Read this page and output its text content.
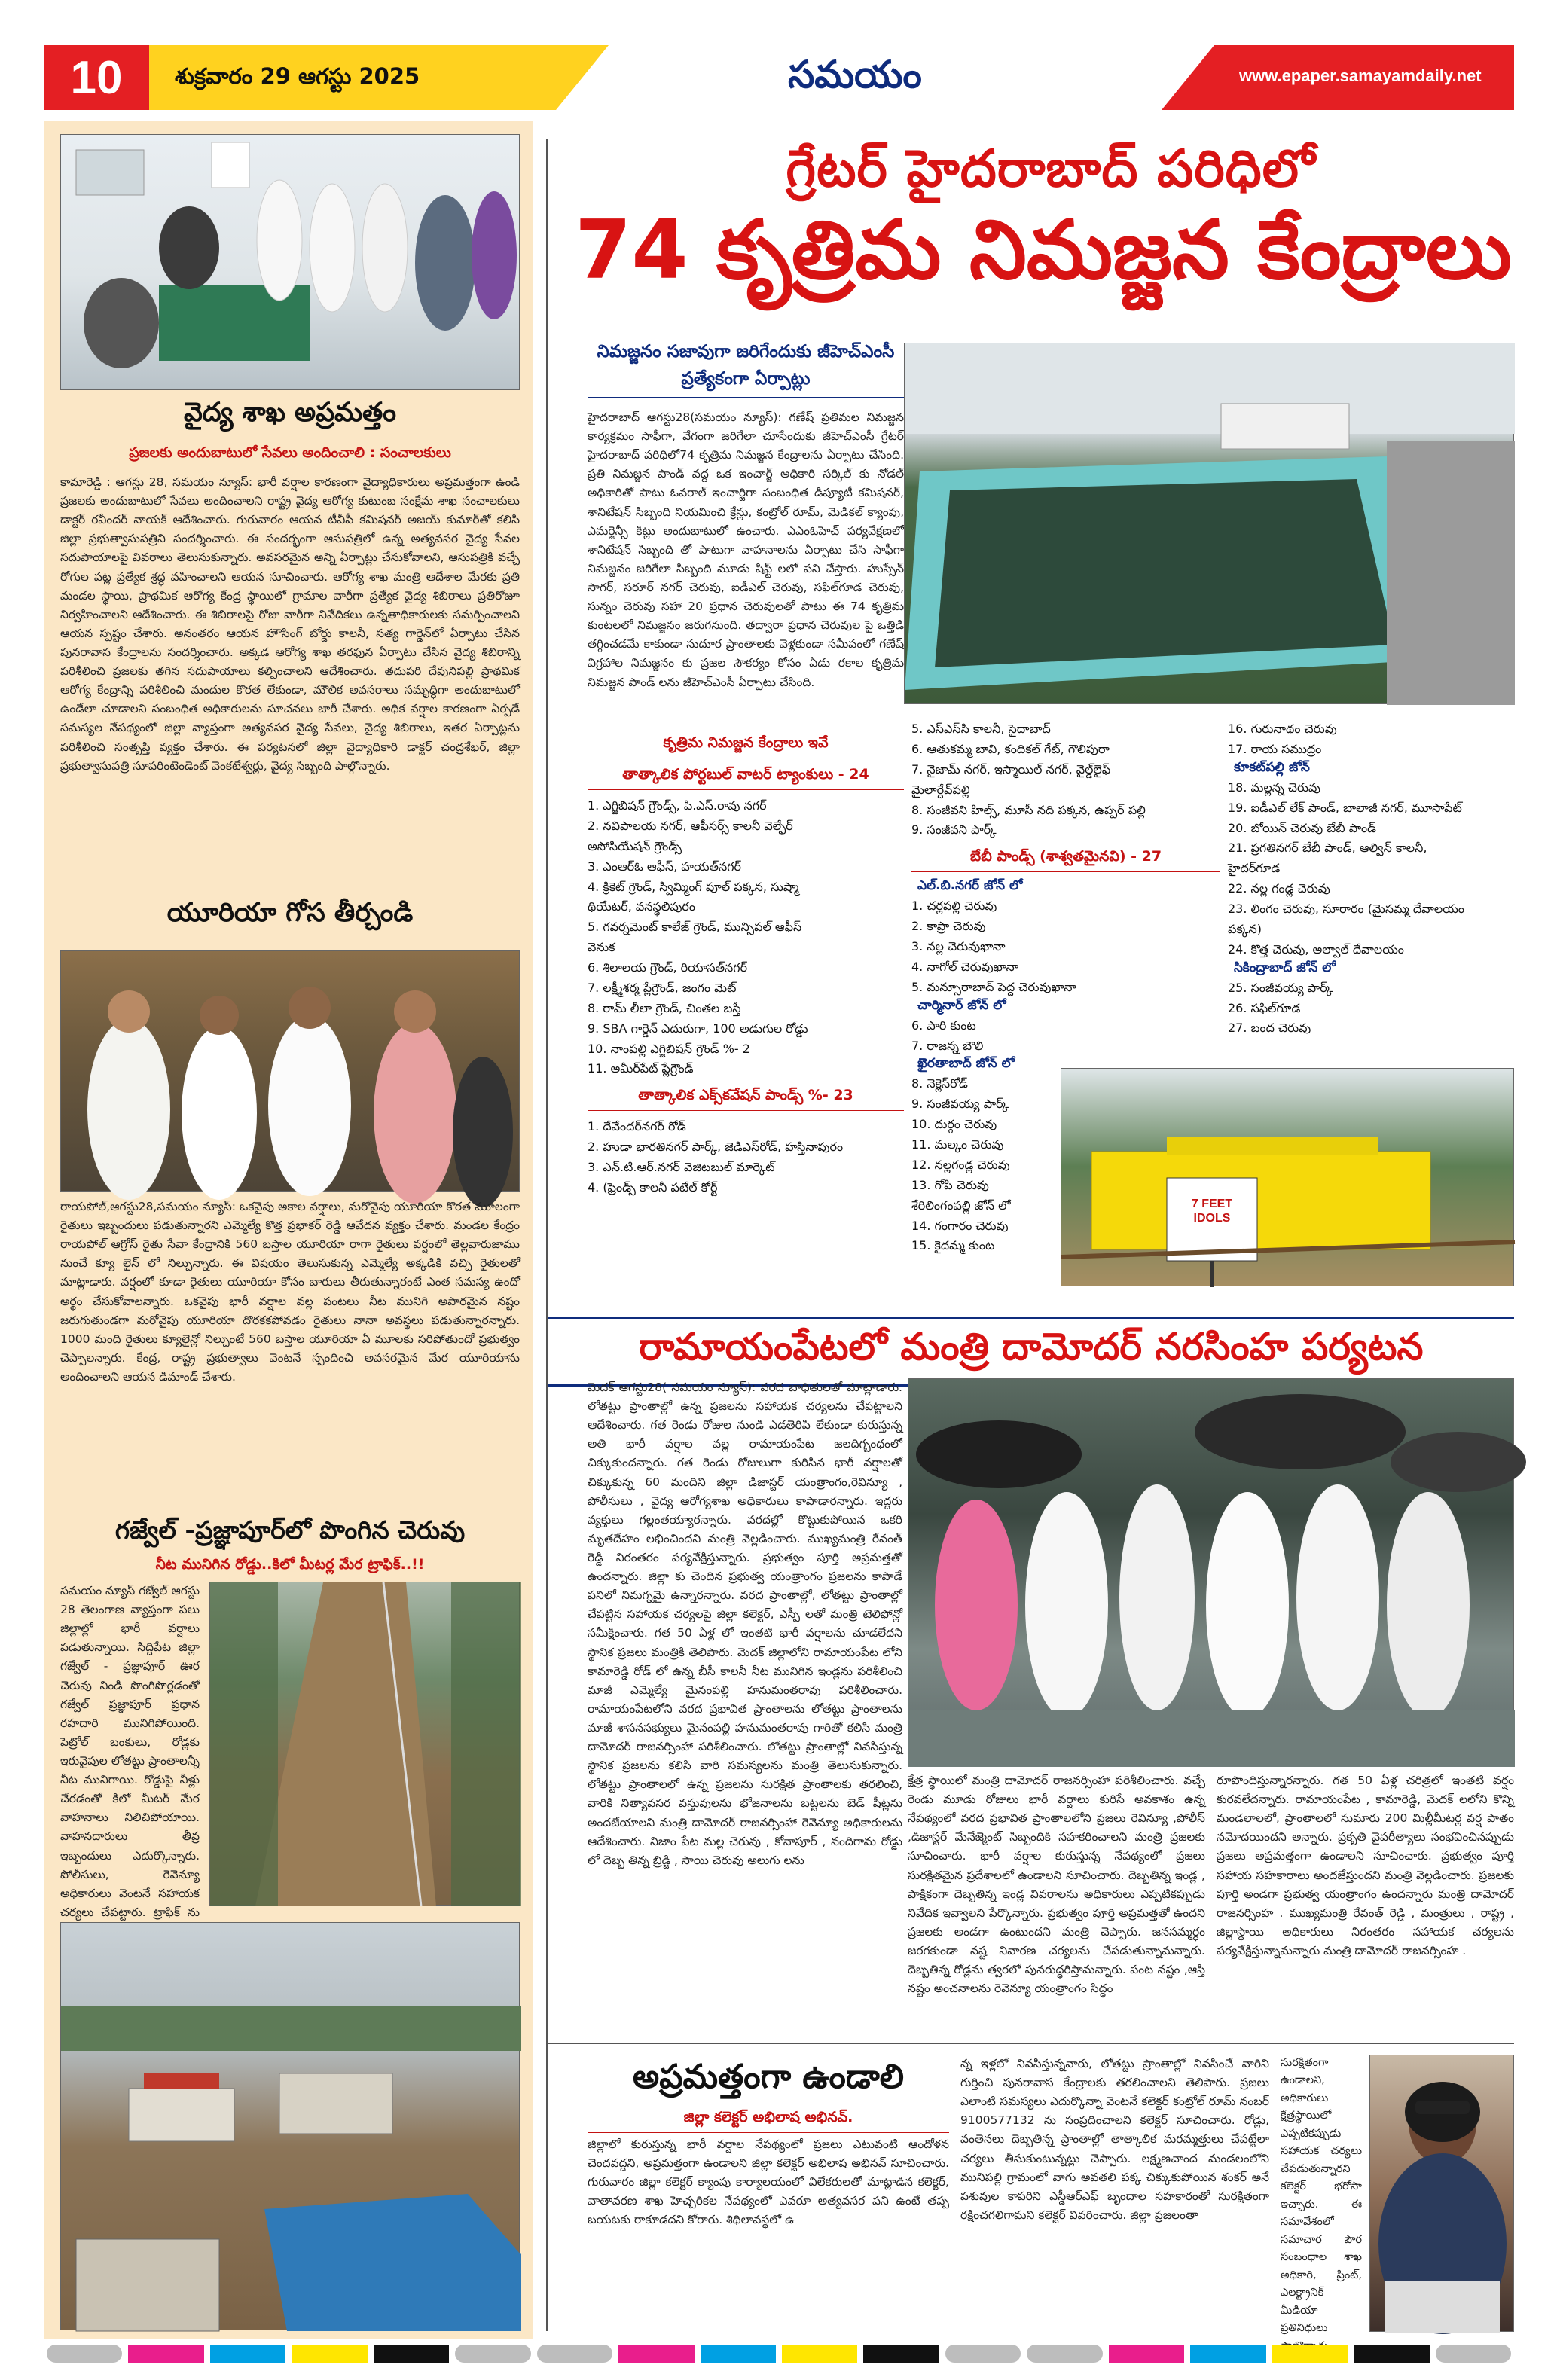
10	శుక్రవారం 29 ఆగస్టు 2025	సమయం	www.epaper.samayamdaily.net
వైద్య శాఖ అప్రమత్తం
ప్రజలకు అందుబాటులో సేవలు అందించాలి : సంచాలకులు
కామారెడ్డి : ఆగస్టు 28, సమయం న్యూస్: భారీ వర్షాల కారణంగా వైద్యాధికారులు అప్రమత్తంగా ఉండి ప్రజలకు అందుబాటులో సేవలు అందించాలని రాష్ట్ర వైద్య ఆరోగ్య కుటుంబ సంక్షేమ శాఖ సంచాలకులు డాక్టర్ రవీందర్ నాయక్ ఆదేశించారు. గురువారం ఆయన టీవీపీ కమిషనర్ అజయ్ కుమార్‌తో కలిసి జిల్లా ప్రభుత్వాసుపత్రిని సందర్శించారు. ఈ సందర్భంగా ఆసుపత్రిలో ఉన్న అత్యవసర వైద్య సేవల సదుపాయాలపై వివరాలు తెలుసుకున్నారు. అవసరమైన అన్ని ఏర్పాట్లు చేసుకోవాలని, ఆసుపత్రికి వచ్చే రోగుల పట్ల ప్రత్యేక శ్రద్ధ వహించాలని ఆయన సూచించారు. ఆరోగ్య శాఖ మంత్రి ఆదేశాల మేరకు ప్రతి మండల స్థాయి, ప్రాథమిక ఆరోగ్య కేంద్ర స్థాయిలో గ్రామాల వారీగా ప్రత్యేక వైద్య శిబిరాలు ప్రతిరోజూ నిర్వహించాలని ఆదేశించారు. ఈ శిబిరాలపై రోజు వారీగా నివేదికలు ఉన్నతాధికారులకు సమర్పించాలని ఆయన స్పష్టం చేశారు. అనంతరం ఆయన హౌసింగ్ బోర్డు కాలనీ, సత్య గార్డెన్‌లో ఏర్పాటు చేసిన పునరావాస కేంద్రాలను సందర్శించారు. అక్కడ ఆరోగ్య శాఖ తరఫున ఏర్పాటు చేసిన వైద్య శిబిరాన్ని పరిశీలించి ప్రజలకు తగిన సదుపాయాలు కల్పించాలని ఆదేశించారు. తదుపరి దేవునిపల్లి ప్రాథమిక ఆరోగ్య కేంద్రాన్ని పరిశీలించి మందుల కొరత లేకుండా, మౌలిక అవసరాలు సమృద్ధిగా అందుబాటులో ఉండేలా చూడాలని సంబంధిత అధికారులను సూచనలు జారీ చేశారు. అధిక వర్షాల కారణంగా ఏర్పడే సమస్యల నేపథ్యంలో జిల్లా వ్యాప్తంగా అత్యవసర వైద్య సేవలు, వైద్య శిబిరాలు, ఇతర ఏర్పాట్లను పరిశీలించి సంతృప్తి వ్యక్తం చేశారు. ఈ పర్యటనలో జిల్లా వైద్యాధికారి డాక్టర్ చంద్రశేఖర్, జిల్లా ప్రభుత్వాసుపత్రి సూపరింటెండెంట్ వెంకటేశ్వర్లు, వైద్య సిబ్బంది పాల్గొన్నారు.
యూరియా గోస తీర్చండి
రాయపోల్,ఆగస్టు28,సమయం న్యూస్: ఒకవైపు అకాల వర్షాలు, మరోవైపు యూరియా కొరత మూలంగా రైతులు ఇబ్బందులు పడుతున్నారని ఎమ్మెల్యే కొత్త ప్రభాకర్ రెడ్డి ఆవేదన వ్యక్తం చేశారు. మండల కేంద్రం రాయపోల్ ఆగ్రోస్ రైతు సేవా కేంద్రానికి 560 బస్తాల యూరియా రాగా రైతులు వర్షంలో తెల్లవారుజాము నుంచే క్యూ లైన్ లో నిల్చున్నారు. ఈ విషయం తెలుసుకున్న ఎమ్మెల్యే అక్కడికి వచ్చి రైతులతో మాట్లాడారు. వర్షంలో కూడా రైతులు యూరియా కోసం బారులు తీరుతున్నారంటే ఎంత సమస్య ఉందో అర్థం చేసుకోవాలన్నారు. ఒకవైపు భారీ వర్షాల వల్ల పంటలు నీట మునిగి అపారమైన నష్టం జరుగుతుండగా మరోవైపు యూరియా దొరకకపోవడం రైతులు నానా అవస్థలు పడుతున్నారన్నారు. 1000 మంది రైతులు క్యూలైన్లో నిల్చుంటే 560 బస్తాల యూరియా ఏ మూలకు సరిపోతుందో ప్రభుత్వం చెప్పాలన్నారు. కేంద్ర, రాష్ట్ర ప్రభుత్వాలు వెంటనే స్పందించి అవసరమైన మేర యూరియాను అందించాలని ఆయన డిమాండ్ చేశారు.
గజ్వేల్ -ప్రజ్ఞాపూర్‌లో పొంగిన చెరువు
నీట మునిగిన రోడ్డు..కిలో మీటర్ల మేర ట్రాఫిక్..!!
సమయం న్యూస్ గజ్వేల్ ఆగస్టు 28 తెలంగాణ వ్యాప్తంగా పలు జిల్లాల్లో భారీ వర్షాలు పడుతున్నాయి. సిద్దిపేట జిల్లా గజ్వేల్ - ప్రజ్ఞాపూర్ ఊర చెరువు నిండి పొంగిపొర్లడంతో గజ్వేల్ ప్రజ్ఞాపూర్ ప్రధాన రహదారి మునిగిపోయింది. పెట్రోల్ బంకులు, రోడ్లకు ఇరువైపుల లోతట్టు ప్రాంతాలన్నీ నీట మునిగాయి. రోడ్డుపై నీళ్లు చేరడంతో కిలో మీటర్ మేర వాహనాలు నిలిచిపోయాయి. వాహనదారులు తీవ్ర ఇబ్బందులు ఎదుర్కొన్నారు. పోలీసులు, రెవెన్యూ అధికారులు వెంటనే సహాయక చర్యలు చేపట్టారు. ట్రాఫిక్ ను
గ్రేటర్ హైదరాబాద్ పరిధిలో
74 కృత్రిమ నిమజ్జన కేంద్రాలు
నిమజ్జనం సజావుగా జరిగేందుకు జీహెచ్‌ఎంసీ ప్రత్యేకంగా ఏర్పాట్లు
హైదరాబాద్ ఆగస్టు28(సమయం న్యూస్): గణేష్ ప్రతిమల నిమజ్జన కార్యక్రమం సాఫీగా, వేగంగా జరిగేలా చూసేందుకు జీహెచ్ఎంసీ గ్రేటర్ హైదరాబాద్ పరిధిలో74 కృత్రిమ నిమజ్జన కేంద్రాలను ఏర్పాటు చేసింది. ప్రతి నిమజ్జన పాండ్ వద్ద ఒక ఇంచార్జ్ అధికారి సర్కిల్ కు నోడల్ అధికారితో పాటు ఓవరాల్ ఇంచార్జిగా సంబంధిత డిప్యూటీ కమిషనర్, శానిటేషన్ సిబ్బంది నియమించి క్రేన్లు, కంట్రోల్ రూమ్, మెడికల్ క్యాంపు, ఎమర్జెన్సీ కిట్లు అందుబాటులో ఉంచారు. ఎఎంఓహెచ్ పర్యవేక్షణలో శానిటేషన్ సిబ్బంది తో పాటుగా వాహనాలను ఏర్పాటు చేసి సాఫీగా నిమజ్జనం జరిగేలా సిబ్బంది మూడు షిఫ్ట్ లలో పని చేస్తారు. హుస్సేన్ సాగర్, సరూర్ నగర్ చెరువు, ఐడీఎల్ చెరువు, సఫిల్‌గూడ చెరువు, సున్నం చెరువు సహా 20 ప్రధాన చెరువులతో పాటు ఈ 74 కృత్రిమ కుంటలలో నిమజ్జనం జరుగనుంది. తద్వారా ప్రధాన చెరువుల పై ఒత్తిడి తగ్గించడమే కాకుండా సుదూర ప్రాంతాలకు వెళ్లకుండా సమీపంలో గణేష్ విగ్రహాల నిమజ్జనం కు ప్రజల సౌకర్యం కోసం ఏడు రకాల కృత్రిమ నిమజ్జన పాండ్ లను జీహెచ్ఎంసీ ఏర్పాటు చేసింది.
కృత్రిమ నిమజ్జన కేంద్రాలు ఇవే
తాత్కాలిక పోర్టబుల్ వాటర్ ట్యాంకులు - 24
1. ఎగ్జిబిషన్ గ్రౌండ్స్, పి.ఎస్.రావు నగర్
2. నవిపాలయ నగర్, ఆఫీసర్స్ కాలనీ వెల్ఫేర్
అసోసియేషన్ గ్రౌండ్స్
3. ఎంఆర్ఓ ఆఫీస్, హయత్‌నగర్
4. క్రికెట్ గ్రౌండ్, స్విమ్మింగ్ పూల్ పక్కన, సుష్మా
థియేటర్, వనస్థలిపురం
5. గవర్నమెంట్ కాలేజ్ గ్రౌండ్, మున్సిపల్ ఆఫీస్
వెనుక
6. శిలాలయ గ్రౌండ్, రియాసత్‌నగర్
7. లక్ష్మీశర్మ ప్లేగ్రౌండ్, జంగం మెట్
8. రామ్ లీలా గ్రౌండ్, చింతల బస్తీ
9. SBA గార్డెన్ ఎదురుగా, 100 అడుగుల రోడ్డు
10. నాంపల్లి ఎగ్జిబిషన్ గ్రౌండ్ %- 2
11. అమీర్‌పేట్ ప్లేగ్రౌండ్
తాత్కాలిక ఎక్స్‌కవేషన్ పాండ్స్ %- 23
1. దేవేందర్‌నగర్ రోడ్
2. హుడా భారతినగర్ పార్క్, జెడిఎస్‌రోడ్, హస్తినాపురం
3. ఎన్.టి.ఆర్.నగర్ వెజిటబుల్ మార్కెట్
4. (ఫ్రెండ్స్ కాలనీ పటేల్ కోర్ట్
5. ఎస్ఎస్‌సి కాలనీ, సైదాబాద్
6. ఆతుకమ్మ బావి, కందికల్ గేట్, గౌలిపురా
7. నైజామ్ నగర్, ఇస్మాయిల్ నగర్, వైల్డ్‌లైఫ్
మైలార్దేవ్‌పల్లి
8. సంజీవని హిల్స్, మూసీ నది పక్కన, ఉప్పర్ పల్లి
9. సంజీవని పార్క్
బేబీ పాండ్స్ (శాశ్వతమైనవి) - 27
ఎల్.బి.నగర్ జోన్ లో
1. చర్లపల్లి చెరువు
2. కాప్రా చెరువు
3. నల్ల చెరువుఖానా
4. నాగోల్ చెరువుఖానా
5. మన్సూరాబాద్ పెద్ద చెరువుఖానా
చార్మినార్ జోన్ లో
6. పారి కుంట
7. రాజన్న బౌలి
ఖైరతాబాద్ జోన్ లో
8. నెక్లెస్‌రోడ్
9. సంజీవయ్య పార్క్
10. దుర్గం చెరువు
11. మల్కం చెరువు
12. నల్లగండ్ల చెరువు
13. గోపి చెరువు
శేరిలింగంపల్లి జోన్ లో
14. గంగారం చెరువు
15. కైదమ్మ కుంట
16. గురునాథం చెరువు
17. రాయ సముద్రం
కూకట్‌పల్లి జోన్
18. మల్లన్న చెరువు
19. ఐడీఎల్ లేక్ పాండ్, బాలాజీ నగర్, మూసాపేట్
20. బోయిన్ చెరువు బేబీ పాండ్
21. ప్రగతినగర్ బేబీ పాండ్, ఆల్విన్ కాలనీ,
హైదర్‌గూడ
22. నల్ల గండ్ల చెరువు
23. లింగం చెరువు, సూరారం (మైసమ్మ దేవాలయం
పక్కన)
24. కొత్త చెరువు, అల్వాల్ దేవాలయం
సికింద్రాబాద్ జోన్ లో
25. సంజీవయ్య పార్క్
26. సఫిల్‌గూడ
27. బంద చెరువు
7 FEET IDOLS
రామాయంపేటలో మంత్రి దామోదర్ నరసింహ పర్యటన
మెదక్ ఆగస్టు28( సమయం న్యూస్): వరద బాధితులతో మాట్లాడారు. లోతట్టు ప్రాంతాల్లో ఉన్న ప్రజలను సహాయక చర్యలను చేపట్టాలని ఆదేశించారు. గత రెండు రోజుల నుండి ఎడతెరిపి లేకుండా కురుస్తున్న అతి భారీ వర్షాల వల్ల రామాయంపేట జలదిగ్బంధంలో చిక్కుకుందన్నారు. గత రెండు రోజులుగా కురిసిన భారీ వర్షాలతో చిక్కుకున్న 60 మందిని జిల్లా డిజాస్టర్ యంత్రాంగం,రెవిన్యూ , పోలీసులు , వైద్య ఆరోగ్యశాఖ అధికారులు కాపాడారన్నారు. ఇద్దరు వ్యక్తులు గల్లంతయ్యారన్నారు. వరదల్లో కొట్టుకుపోయిన ఒకరి మృతదేహం లభించిందని మంత్రి వెల్లడించారు. ముఖ్యమంత్రి రేవంత్ రెడ్డి నిరంతరం పర్యవేక్షిస్తున్నారు. ప్రభుత్వం పూర్తి అప్రమత్తతో ఉందన్నారు. జిల్లా కు చెందిన ప్రభుత్వ యంత్రాంగం ప్రజలను కాపాడే పనిలో నిమగ్నమై ఉన్నారన్నారు. వరద ప్రాంతాల్లో, లోతట్టు ప్రాంతాల్లో చేపట్టిన సహాయక చర్యలపై జిల్లా కలెక్టర్, ఎస్పీ లతో మంత్రి టెలిఫోన్లో సమీక్షించారు. గత 50 ఏళ్ల లో ఇంతటి భారీ వర్షాలను చూడలేదని స్థానిక ప్రజలు మంత్రికి తెలిపారు. మెదక్ జిల్లాలోని రామాయంపేట లోని కామారెడ్డి రోడ్ లో ఉన్న బీసీ కాలనీ నీట మునిగిన ఇండ్లను పరిశీలించి మాజీ ఎమ్మెల్యే మైనంపల్లి హనుమంతరావు పరిశీలించారు. రామాయంపేటలోని వరద ప్రభావిత ప్రాంతాలను లోతట్టు ప్రాంతాలను మాజీ శాసనసభ్యులు మైనంపల్లి హనుమంతరావు గారితో కలిసి మంత్రి దామోదర్ రాజనర్సింహా పరిశీలించారు. లోతట్టు ప్రాంతాల్లో నివసిస్తున్న స్థానిక ప్రజలను కలిసి వారి సమస్యలను మంత్రి తెలుసుకున్నారు. లోతట్టు ప్రాంతాలలో ఉన్న ప్రజలను సురక్షిత ప్రాంతాలకు తరలించి, వారికి నిత్యావసర వస్తువులను భోజనాలను బట్టలను బెడ్ షీట్లను అందజేయాలని మంత్రి దామోదర్ రాజనర్సింహా రెవెన్యూ అధికారులను ఆదేశించారు. నిజాం పేట మల్ల చెరువు , కోనాపూర్ , నందిగామ రోడ్డు లో దెబ్బ తిన్న బ్రిడ్జి , సాయి చెరువు అలుగు లను
క్షేత్ర స్థాయిలో మంత్రి దామోదర్ రాజనర్సింహా పరిశీలించారు. వచ్చే రెండు మూడు రోజులు భారీ వర్షాలు కురిసే అవకాశం ఉన్న నేపథ్యంలో వరద ప్రభావిత ప్రాంతాలలోని ప్రజలు రెవిన్యూ ,పోలీస్ ,డిజాస్టర్ మేనేజ్మెంట్ సిబ్బందికి సహకరించాలని మంత్రి ప్రజలకు సూచించారు. భారీ వర్షాల కురుస్తున్న నేపథ్యంలో ప్రజలు సురక్షితమైన ప్రదేశాలలో ఉండాలని సూచించారు. దెబ్బతిన్న ఇండ్ల , పాక్షికంగా దెబ్బతిన్న ఇండ్ల వివరాలను అధికారులు ఎప్పటికప్పుడు నివేదిక ఇవ్వాలని పేర్కొన్నారు. ప్రభుత్వం పూర్తి అప్రమత్తతో ఉందని ప్రజలకు అండగా ఉంటుందని మంత్రి చెప్పారు. జనసమ్మర్ధం జరగకుండా నష్ట నివారణ చర్యలను చేపడుతున్నామన్నారు. దెబ్బతిన్న రోడ్లను త్వరలో పునరుద్ధరిస్తామన్నారు. పంట నష్టం ,ఆస్తి నష్టం అంచనాలను రెవెన్యూ యంత్రాంగం సిద్ధం
రూపొందిస్తున్నారన్నారు. గత 50 ఏళ్ల చరిత్రలో ఇంతటి వర్షం కురవలేదన్నారు. రామాయంపేట , కామారెడ్డి, మెదక్ లలోని కొన్ని మండలాలలో, ప్రాంతాలలో సుమారు 200 మిల్లీమీటర్ల వర్ష పాతం నమోదయిందని అన్నారు. ప్రకృతి వైపరీత్యాలు సంభవించినప్పుడు ప్రజలు అప్రమత్తంగా ఉండాలని సూచించారు. ప్రభుత్వం పూర్తి సహాయ సహకారాలు అందజేస్తుందని మంత్రి వెల్లడించారు. ప్రజలకు పూర్తి అండగా ప్రభుత్వ యంత్రాంగం ఉందన్నారు మంత్రి దామోదర్ రాజనర్సింహ . ముఖ్యమంత్రి రేవంత్ రెడ్డి , మంత్రులు , రాష్ట్ర , జిల్లాస్థాయి అధికారులు నిరంతరం సహాయక చర్యలను పర్యవేక్షిస్తున్నామన్నారు మంత్రి దామోదర్ రాజనర్సింహ .
అప్రమత్తంగా ఉండాలి
జిల్లా కలెక్టర్ అభిలాష అభినవ్.
జిల్లాలో కురుస్తున్న భారీ వర్షాల నేపథ్యంలో ప్రజలు ఎటువంటి ఆందోళన చెందవద్దని, అప్రమత్తంగా ఉండాలని జిల్లా కలెక్టర్ అభిలాష అభినవ్ సూచించారు. గురువారం జిల్లా కలెక్టర్ క్యాంపు కార్యాలయంలో విలేకరులతో మాట్లాడిన కలెక్టర్, వాతావరణ శాఖ హెచ్చరికల నేపథ్యంలో ఎవరూ అత్యవసర పని ఉంటే తప్ప బయటకు రాకూడదని కోరారు. శిథిలావస్థలో ఉ
న్న ఇళ్లలో నివసిస్తున్నవారు, లోతట్టు ప్రాంతాల్లో నివసించే వారిని గుర్తించి పునరావాస కేంద్రాలకు తరలించాలని తెలిపారు. ప్రజలు ఎలాంటి సమస్యలు ఎదుర్కొన్నా వెంటనే కలెక్టర్ కంట్రోల్ రూమ్ నంబర్ 9100577132 ను సంప్రదించాలని కలెక్టర్ సూచించారు. రోడ్లు, వంతెనలు దెబ్బతిన్న ప్రాంతాల్లో తాత్కాలిక మరమ్మత్తులు చేపట్టేలా చర్యలు తీసుకుంటున్నట్లు చెప్పారు. లక్ష్మణచాంద మండలంలోని మునిపల్లి గ్రామంలో వాగు అవతలి పక్క చిక్కుకుపోయిన శంకర్ అనే పశువుల కాపరిని ఎస్డీఆర్ఎఫ్ బృందాల సహకారంతో సురక్షితంగా రక్షించగలిగామని కలెక్టర్ వివరించారు. జిల్లా ప్రజలంతా
సురక్షితంగా ఉండాలని, అధికారులు క్షేత్రస్థాయిలో ఎప్పటికప్పుడు సహాయక చర్యలు చేపడుతున్నారని కలెక్టర్ భరోసా ఇచ్చారు. ఈ సమావేశంలో సమాచార పౌర సంబంధాల శాఖ అధికారి, ప్రింట్, ఎలక్ట్రానిక్ మీడియా ప్రతినిధులు
